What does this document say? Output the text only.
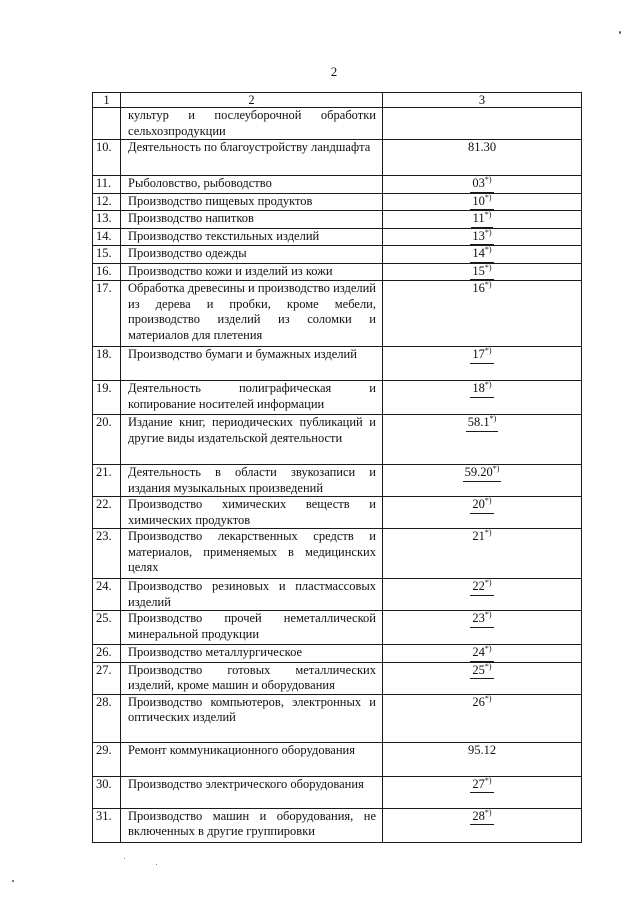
2
1	2	3
	культур и послеуборочной обработки сельхозпродукции	
10.	Деятельность по благоустройству ландшафта	81.30
11.	Рыболовство, рыбоводство	03*)
12.	Производство пищевых продуктов	10*)
13.	Производство напитков	11*)
14.	Производство текстильных изделий	13*)
15.	Производство одежды	14*)
16.	Производство кожи и изделий из кожи	15*)
17.	Обработка древесины и производство изделий из дерева и пробки, кроме мебели, производство изделий из соломки и материалов для плетения	16*)
18.	Производство бумаги и бумажных изделий	17*)
19.	Деятельность полиграфическая и копирование носителей информации	18*)
20.	Издание книг, периодических публикаций и другие виды издательской деятельности	58.1*)
21.	Деятельность в области звукозаписи и издания музыкальных произведений	59.20*)
22.	Производство химических веществ и химических продуктов	20*)
23.	Производство лекарственных средств и материалов, применяемых в медицинских целях	21*)
24.	Производство резиновых и пластмассовых изделий	22*)
25.	Производство прочей неметаллической минеральной продукции	23*)
26.	Производство металлургическое	24*)
27.	Производство готовых металлических изделий, кроме машин и оборудования	25*)
28.	Производство компьютеров, электронных и оптических изделий	26*)
29.	Ремонт коммуникационного оборудования	95.12
30.	Производство электрического оборудования	27*)
31.	Производство машин и оборудования, не включенных в другие группировки	28*)
